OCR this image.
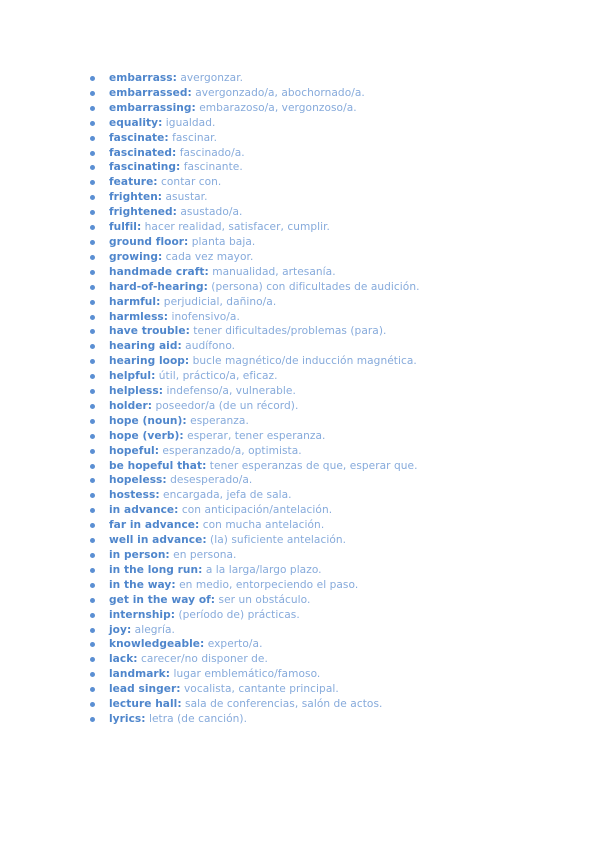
embarrass: avergonzar.
embarrassed: avergonzado/a, abochornado/a.
embarrassing: embarazoso/a, vergonzoso/a.
equality: igualdad.
fascinate: fascinar.
fascinated: fascinado/a.
fascinating: fascinante.
feature: contar con.
frighten: asustar.
frightened: asustado/a.
fulfil: hacer realidad, satisfacer, cumplir.
ground floor: planta baja.
growing: cada vez mayor.
handmade craft: manualidad, artesanía.
hard-of-hearing: (persona) con dificultades de audición.
harmful: perjudicial, dañino/a.
harmless: inofensivo/a.
have trouble: tener dificultades/problemas (para).
hearing aid: audífono.
hearing loop: bucle magnético/de inducción magnética.
helpful: útil, práctico/a, eficaz.
helpless: indefenso/a, vulnerable.
holder: poseedor/a (de un récord).
hope (noun): esperanza.
hope (verb): esperar, tener esperanza.
hopeful: esperanzado/a, optimista.
be hopeful that: tener esperanzas de que, esperar que.
hopeless: desesperado/a.
hostess: encargada, jefa de sala.
in advance: con anticipación/antelación.
far in advance: con mucha antelación.
well in advance: (la) suficiente antelación.
in person: en persona.
in the long run: a la larga/largo plazo.
in the way: en medio, entorpeciendo el paso.
get in the way of: ser un obstáculo.
internship: (período de) prácticas.
joy: alegría.
knowledgeable: experto/a.
lack: carecer/no disponer de.
landmark: lugar emblemático/famoso.
lead singer: vocalista, cantante principal.
lecture hall: sala de conferencias, salón de actos.
lyrics: letra (de canción).
